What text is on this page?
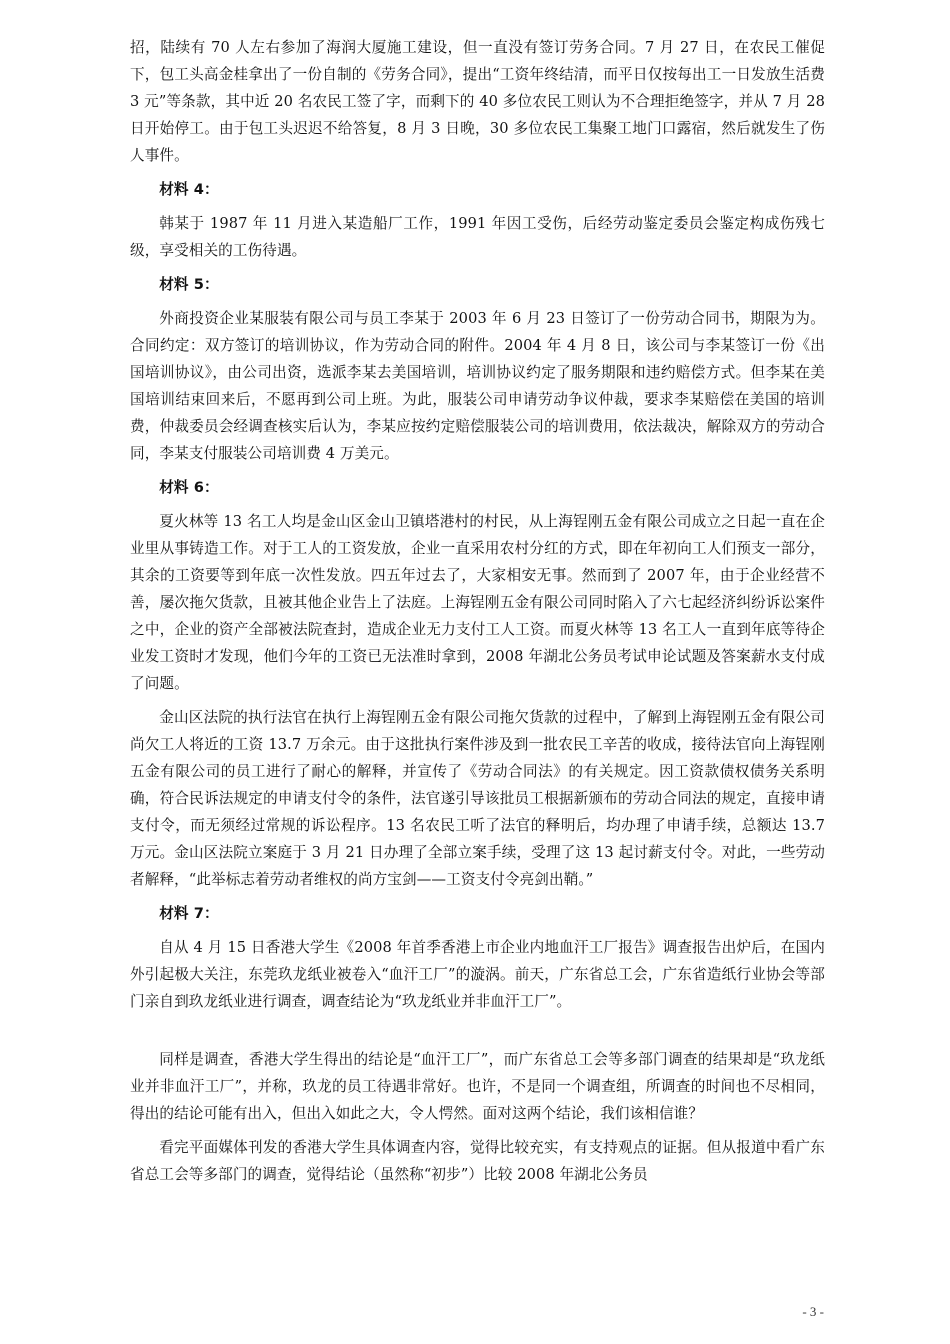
招，陆续有 70 人左右参加了海润大厦施工建设，但一直没有签订劳务合同。7 月 27 日，在农民工催促下，包工头高金桂拿出了一份自制的《劳务合同》，提出“工资年终结清，而平日仅按每出工一日发放生活费 3 元”等条款，其中近 20 名农民工签了字，而剩下的 40 多位农民工则认为不合理拒绝签字，并从 7 月 28 日开始停工。由于包工头迟迟不给答复，8 月 3 日晚，30 多位农民工集聚工地门口露宿，然后就发生了伤人事件。

材料 4：

韩某于 1987 年 11 月进入某造船厂工作，1991 年因工受伤，后经劳动鉴定委员会鉴定构成伤残七级，享受相关的工伤待遇。

材料 5：

外商投资企业某服装有限公司与员工李某于 2003 年 6 月 23 日签订了一份劳动合同书，期限为为。合同约定：双方签订的培训协议，作为劳动合同的附件。2004 年 4 月 8 日，该公司与李某签订一份《出国培训协议》，由公司出资，选派李某去美国培训，培训协议约定了服务期限和违约赔偿方式。但李某在美国培训结束回来后，不愿再到公司上班。为此，服装公司申请劳动争议仲裁，要求李某赔偿在美国的培训费，仲裁委员会经调查核实后认为，李某应按约定赔偿服装公司的培训费用，依法裁决，解除双方的劳动合同，李某支付服装公司培训费 4 万美元。

材料 6：

夏火林等 13 名工人均是金山区金山卫镇塔港村的村民，从上海锃刚五金有限公司成立之日起一直在企业里从事铸造工作。对于工人的工资发放，企业一直采用农村分红的方式，即在年初向工人们预支一部分，其余的工资要等到年底一次性发放。四五年过去了，大家相安无事。然而到了 2007 年，由于企业经营不善，屡次拖欠货款，且被其他企业告上了法庭。上海锃刚五金有限公司同时陷入了六七起经济纠纷诉讼案件之中，企业的资产全部被法院查封，造成企业无力支付工人工资。而夏火林等 13 名工人一直到年底等待企业发工资时才发现，他们今年的工资已无法准时拿到，2008 年湖北公务员考试申论试题及答案薪水支付成了问题。

金山区法院的执行法官在执行上海锃刚五金有限公司拖欠货款的过程中，了解到上海锃刚五金有限公司尚欠工人将近的工资 13.7 万余元。由于这批执行案件涉及到一批农民工辛苦的收成，接待法官向上海锃刚五金有限公司的员工进行了耐心的解释，并宣传了《劳动合同法》的有关规定。因工资款债权债务关系明确，符合民诉法规定的申请支付令的条件，法官遂引导该批员工根据新颁布的劳动合同法的规定，直接申请支付令，而无须经过常规的诉讼程序。13 名农民工听了法官的释明后，均办理了申请手续，总额达 13.7 万元。金山区法院立案庭于 3 月 21 日办理了全部立案手续，受理了这 13 起讨薪支付令。对此，一些劳动者解释，“此举标志着劳动者维权的尚方宝剑——工资支付令亮剑出鞘。”

材料 7：

自从 4 月 15 日香港大学生《2008 年首季香港上市企业内地血汗工厂报告》调查报告出炉后，在国内外引起极大关注，东莞玖龙纸业被卷入“血汗工厂”的漩涡。前天，广东省总工会，广东省造纸行业协会等部门亲自到玖龙纸业进行调查，调查结论为“玖龙纸业并非血汗工厂”。

同样是调查，香港大学生得出的结论是“血汗工厂”，而广东省总工会等多部门调查的结果却是“玖龙纸业并非血汗工厂”，并称，玖龙的员工待遇非常好。也许，不是同一个调查组，所调查的时间也不尽相同，得出的结论可能有出入，但出入如此之大，令人愕然。面对这两个结论，我们该相信谁？

看完平面媒体刊发的香港大学生具体调查内容，觉得比较充实，有支持观点的证据。但从报道中看广东省总工会等多部门的调查，觉得结论（虽然称“初步”）比较 2008 年湖北公务员

- 3 -
